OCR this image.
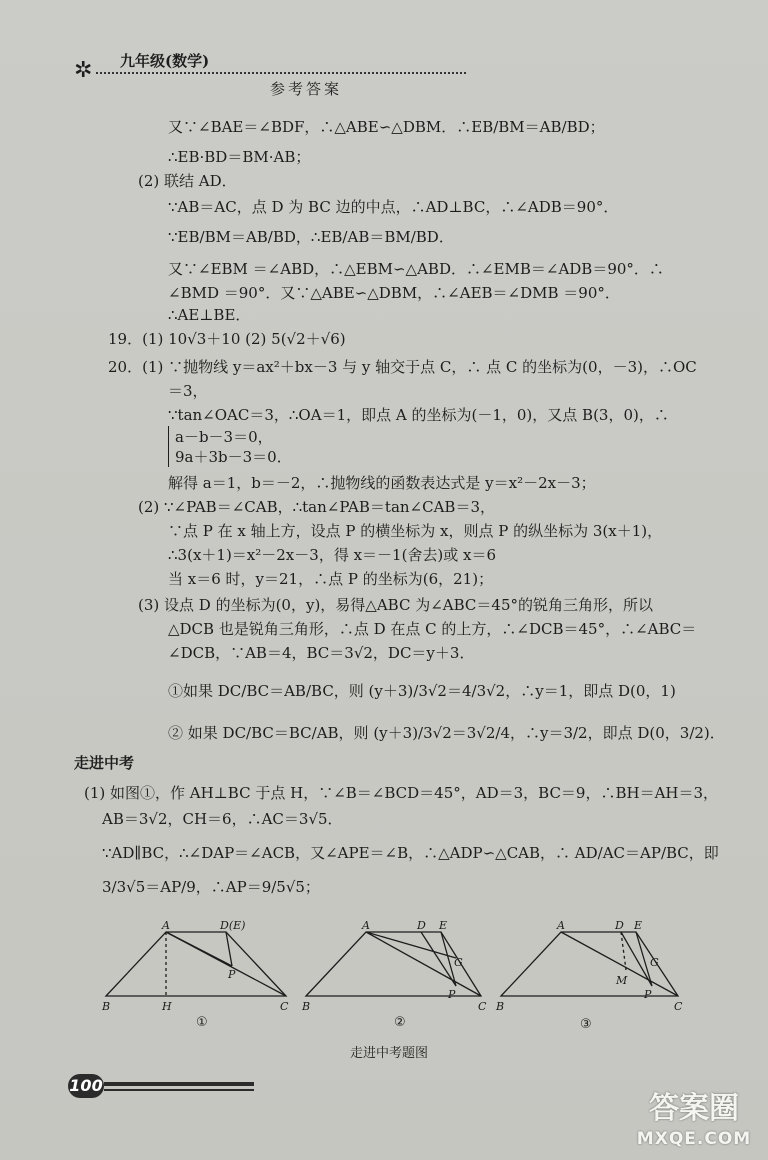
✲ 九年级(数学)
参考答案
又∵∠BAE＝∠BDF，∴△ABE∽△DBM．∴EB/BM＝AB/BD；
∴EB·BD＝BM·AB；
(2) 联结 AD．
∵AB＝AC，点 D 为 BC 边的中点，∴AD⊥BC，∴∠ADB＝90°．
∵EB/BM＝AB/BD，∴EB/AB＝BM/BD．
又∵∠EBM ＝∠ABD，∴△EBM∽△ABD．∴∠EMB＝∠ADB＝90°．∴
∠BMD ＝90°．又∵△ABE∽△DBM，∴∠AEB＝∠DMB ＝90°．
∴AE⊥BE．
19．(1) 10√3＋10 (2) 5(√2＋√6)
20．(1) ∵抛物线 y＝ax²＋bx－3 与 y 轴交于点 C，∴ 点 C 的坐标为(0，－3)，∴OC
＝3，
∵tan∠OAC＝3，∴OA＝1，即点 A 的坐标为(－1，0)，又点 B(3，0)，∴
a－b－3＝0，
9a＋3b－3＝0．
解得 a＝1，b＝－2，∴抛物线的函数表达式是 y＝x²－2x－3；
(2) ∵∠PAB＝∠CAB，∴tan∠PAB＝tan∠CAB＝3，
∵点 P 在 x 轴上方，设点 P 的横坐标为 x，则点 P 的纵坐标为 3(x＋1)，
∴3(x＋1)＝x²－2x－3，得 x＝－1(舍去)或 x＝6
当 x＝6 时，y＝21，∴点 P 的坐标为(6，21)；
(3) 设点 D 的坐标为(0，y)，易得△ABC 为∠ABC＝45°的锐角三角形，所以
△DCB 也是锐角三角形，∴点 D 在点 C 的上方，∴∠DCB＝45°，∴∠ABC＝
∠DCB，∵AB＝4，BC＝3√2，DC＝y＋3．
①如果 DC/BC＝AB/BC，则 (y＋3)/3√2＝4/3√2，∴y＝1，即点 D(0，1)
② 如果 DC/BC＝BC/AB，则 (y＋3)/3√2＝3√2/4，∴y＝3/2，即点 D(0，3/2)．
走进中考
(1) 如图①，作 AH⊥BC 于点 H，∵∠B＝∠BCD＝45°，AD＝3，BC＝9，∴BH＝AH＝3，
AB＝3√2，CH＝6，∴AC＝3√5．
∵AD∥BC，∴∠DAP＝∠ACB，又∠APE＝∠B，∴△ADP∽△CAB，∴ AD/AC＝AP/BC，即
3/3√5＝AP/9，∴AP＝9/5√5；
A	D(E)
P
B	H	C
A	D E
G
P
B	C
A	D E
G
M
P
B	C
①	②	③
走进中考题图
100
答案圈
MXQE.COM
